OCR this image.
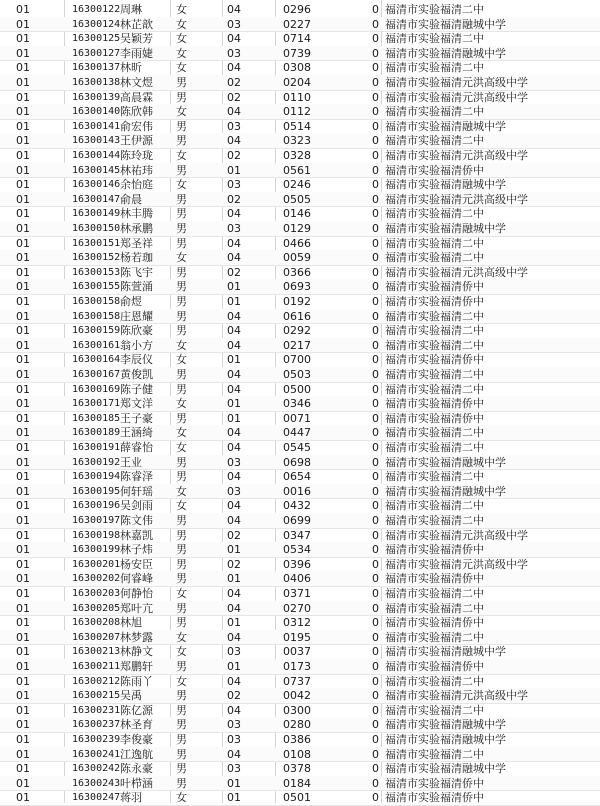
01	16300122 周琳	女	04	0296	0 福清市实验福清二中
01	16300124 林芷歆	女	03	0227	0 福清市实验福清融城中学
01	16300125 吴颖芳	女	04	0714	0 福清市实验福清二中
01	16300127 李雨婕	女	03	0739	0 福清市实验福清融城中学
01	16300137 林昕	女	04	0308	0 福清市实验福清二中
01	16300138 林文煜	男	02	0204	0 福清市实验福清元洪高级中学
01	16300139 高晨霖	男	02	0110	0 福清市实验福清元洪高级中学
01	16300140 陈欣韩	女	04	0112	0 福清市实验福清二中
01	16300141 俞宏伟	男	03	0514	0 福清市实验福清融城中学
01	16300143 王伊源	男	04	0323	0 福清市实验福清二中
01	16300144 陈玲珑	女	02	0328	0 福清市实验福清元洪高级中学
01	16300145 林祐玮	男	01	0561	0 福清市实验福清侨中
01	16300146 余怡庭	女	03	0246	0 福清市实验福清融城中学
01	16300147 俞晨	男	02	0505	0 福清市实验福清元洪高级中学
01	16300149 林丰腾	男	04	0146	0 福清市实验福清二中
01	16300150 林承鹏	男	03	0129	0 福清市实验福清融城中学
01	16300151 郑圣祥	男	04	0466	0 福清市实验福清二中
01	16300152 杨若珈	女	04	0059	0 福清市实验福清二中
01	16300153 陈飞宇	男	02	0366	0 福清市实验福清元洪高级中学
01	16300155 陈萱涌	男	01	0693	0 福清市实验福清侨中
01	16300158 俞煜	男	01	0192	0 福清市实验福清侨中
01	16300158 庄恩耀	男	04	0616	0 福清市实验福清二中
01	16300159 陈欣豪	男	04	0292	0 福清市实验福清二中
01	16300161 翁小方	女	04	0217	0 福清市实验福清二中
01	16300164 李辰仪	女	01	0700	0 福清市实验福清侨中
01	16300167 黄俊凯	男	04	0503	0 福清市实验福清二中
01	16300169 陈子健	男	04	0500	0 福清市实验福清二中
01	16300171 郑文洋	女	01	0346	0 福清市实验福清侨中
01	16300185 王子豪	男	01	0071	0 福清市实验福清侨中
01	16300189 王涵绮	女	04	0447	0 福清市实验福清二中
01	16300191 薛睿怡	女	04	0545	0 福清市实验福清二中
01	16300192 王业	男	03	0698	0 福清市实验福清融城中学
01	16300194 陈睿泽	男	04	0654	0 福清市实验福清二中
01	16300195 何轩瑶	女	03	0016	0 福清市实验福清融城中学
01	16300196 吴剑雨	女	04	0432	0 福清市实验福清二中
01	16300197 陈文伟	男	04	0699	0 福清市实验福清二中
01	16300198 林嘉凯	男	02	0347	0 福清市实验福清元洪高级中学
01	16300199 林子炜	男	01	0534	0 福清市实验福清侨中
01	16300201 杨安臣	男	02	0396	0 福清市实验福清元洪高级中学
01	16300202 何睿峰	男	01	0406	0 福清市实验福清侨中
01	16300203 何静怡	女	04	0371	0 福清市实验福清二中
01	16300205 郑叶亢	男	04	0270	0 福清市实验福清二中
01	16300208 林旭	男	01	0312	0 福清市实验福清侨中
01	16300207 林梦露	女	04	0195	0 福清市实验福清二中
01	16300213 林静文	女	03	0037	0 福清市实验福清融城中学
01	16300211 郑鹏轩	男	01	0173	0 福清市实验福清侨中
01	16300212 陈雨丫	女	04	0737	0 福清市实验福清二中
01	16300215 吴禹	男	02	0042	0 福清市实验福清元洪高级中学
01	16300231 陈亿源	男	04	0300	0 福清市实验福清二中
01	16300237 林圣育	男	03	0280	0 福清市实验福清融城中学
01	16300239 李俊豪	男	03	0386	0 福清市实验福清融城中学
01	16300241 江逸航	男	04	0108	0 福清市实验福清二中
01	16300242 陈永豪	男	03	0378	0 福清市实验福清融城中学
01	16300243 叶栉涵	男	01	0184	0 福清市实验福清侨中
01	16300247 蒋羽	女	01	0501	0 福清市实验福清侨中
